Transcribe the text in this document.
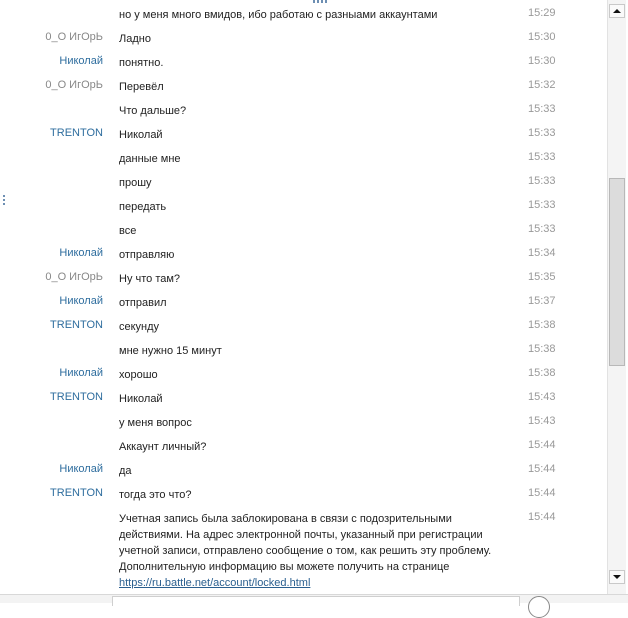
но у меня много вмидов, ибо работаю с разныами аккаунтами	15:29
0_О ИгОрЬ Ладно	15:30
Николай понятно.	15:30
0_О ИгОрЬ Перевёл	15:32
Что дальше?	15:33
TRENTON Николай	15:33
данные мне	15:33
прошу	15:33
передать	15:33
все	15:33
Николай отправляю	15:34
0_О ИгОрЬ Ну что там?	15:35
Николай отправил	15:37
TRENTON секунду	15:38
мне нужно 15 минут	15:38
Николай хорошо	15:38
TRENTON Николай	15:43
у меня вопрос	15:43
Аккаунт личный?	15:44
Николай да	15:44
TRENTON тогда это что?	15:44
Учетная запись была заблокирована в связи с подозрительными
действиями. На адрес электронной почты, указанный при регистрации
учетной записи, отправлено сообщение о том, как решить эту проблему.
Дополнительную информацию вы можете получить на странице
https://ru.battle.net/account/locked.html
15:44
